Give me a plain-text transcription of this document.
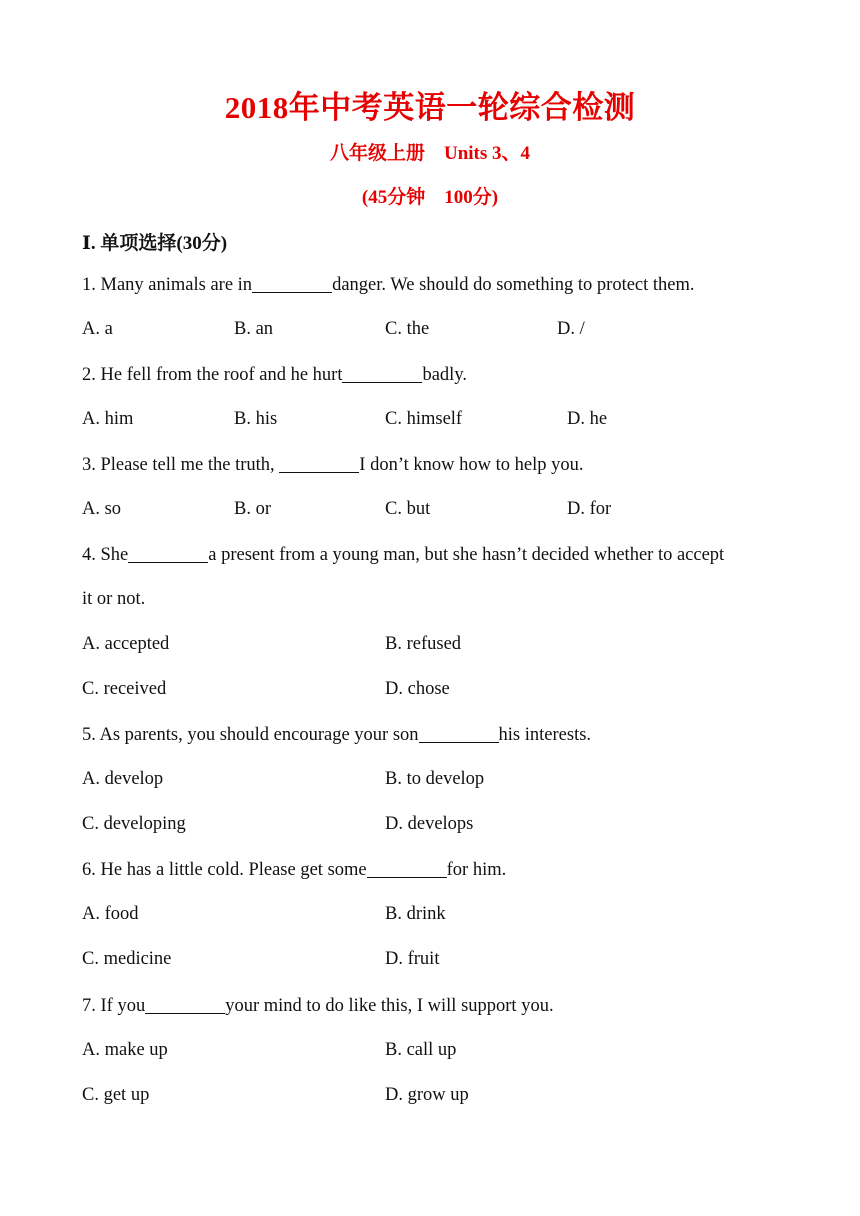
2018年中考英语一轮综合检测
八年级上册　Units 3、4
(45分钟　100分)
Ⅰ. 单项选择(30分)
1. Many animals are in	danger. We should do something to protect them.
A. a	B. an	C. the	D. /
2. He fell from the roof and he hurt	badly.
A. him	B. his	C. himself	D. he
3. Please tell me the truth,	I don’t know how to help you.
A. so	B. or	C. but	D. for
4. She	a present from a young man, but she hasn’t decided whether to accept
it or not.
A. accepted	B. refused
C. received	D. chose
5. As parents, you should encourage your son	his interests.
A. develop	B. to develop
C. developing	D. develops
6. He has a little cold. Please get some	for him.
A. food	B. drink
C. medicine	D. fruit
7. If you	your mind to do like this, I will support you.
A. make up	B. call up
C. get up	D. grow up
